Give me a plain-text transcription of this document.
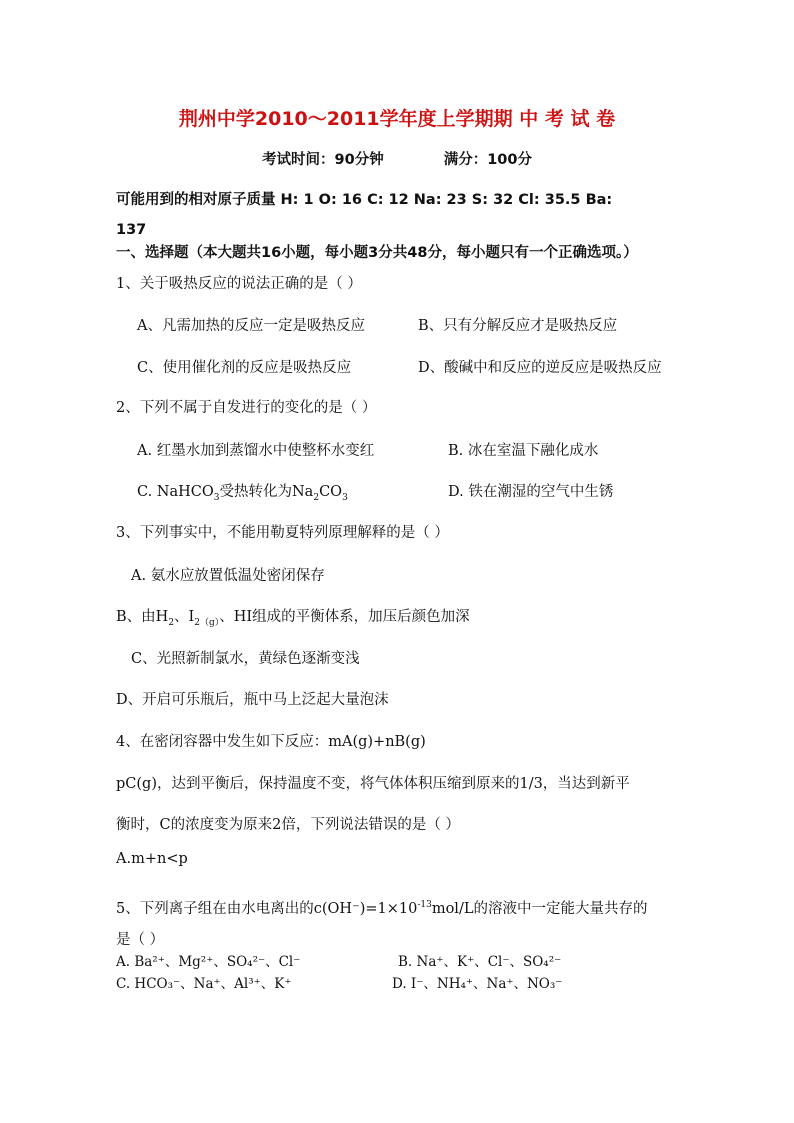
荆州中学2010～2011学年度上学期期 中 考 试 卷
考试时间：90分钟	满分：100分
可能用到的相对原子质量 H: 1 O: 16 C: 12 Na: 23 S: 32 Cl: 35.5 Ba:
137
一、选择题（本大题共16小题，每小题3分共48分，每小题只有一个正确选项。）
1、关于吸热反应的说法正确的是（ ）
A、凡需加热的反应一定是吸热反应	B、只有分解反应才是吸热反应
C、使用催化剂的反应是吸热反应	D、酸碱中和反应的逆反应是吸热反应
2、下列不属于自发进行的变化的是（ ）
A. 红墨水加到蒸馏水中使整杯水变红	B. 冰在室温下融化成水
C. NaHCO$_3$受热转化为$Na_2CO_3$	D. 铁在潮湿的空气中生锈
3、下列事实中，不能用勒夏特列原理解释的是（ ）
A. 氨水应放置低温处密闭保存
B、由$H_2$、$I_{2(g)}$、HI组成的平衡体系，加压后颜色加深
C、光照新制氯水，黄绿色逐渐变浅
D、开启可乐瓶后，瓶中马上泛起大量泡沫
4、在密闭容器中发生如下反应：mA(g)+nB(g)
pC(g)，达到平衡后，保持温度不变，将气体体积压缩到原来的1/3，当达到新平
衡时，C的浓度变为原来2倍，下列说法错误的是（ ）
A.m+n<p
5、下列离子组在由水电离出的$c(OH^-)=1\times 10^{-13}mol/L$的溶液中一定能大量共存的
是（ ）
A. Ba²⁺、Mg²⁺、SO₄²⁻、Cl⁻	B. Na⁺、K⁺、Cl⁻、SO₄²⁻
C. HCO₃⁻、Na⁺、Al³⁺、K⁺	D. I⁻、NH₄⁺、Na⁺、NO₃⁻
